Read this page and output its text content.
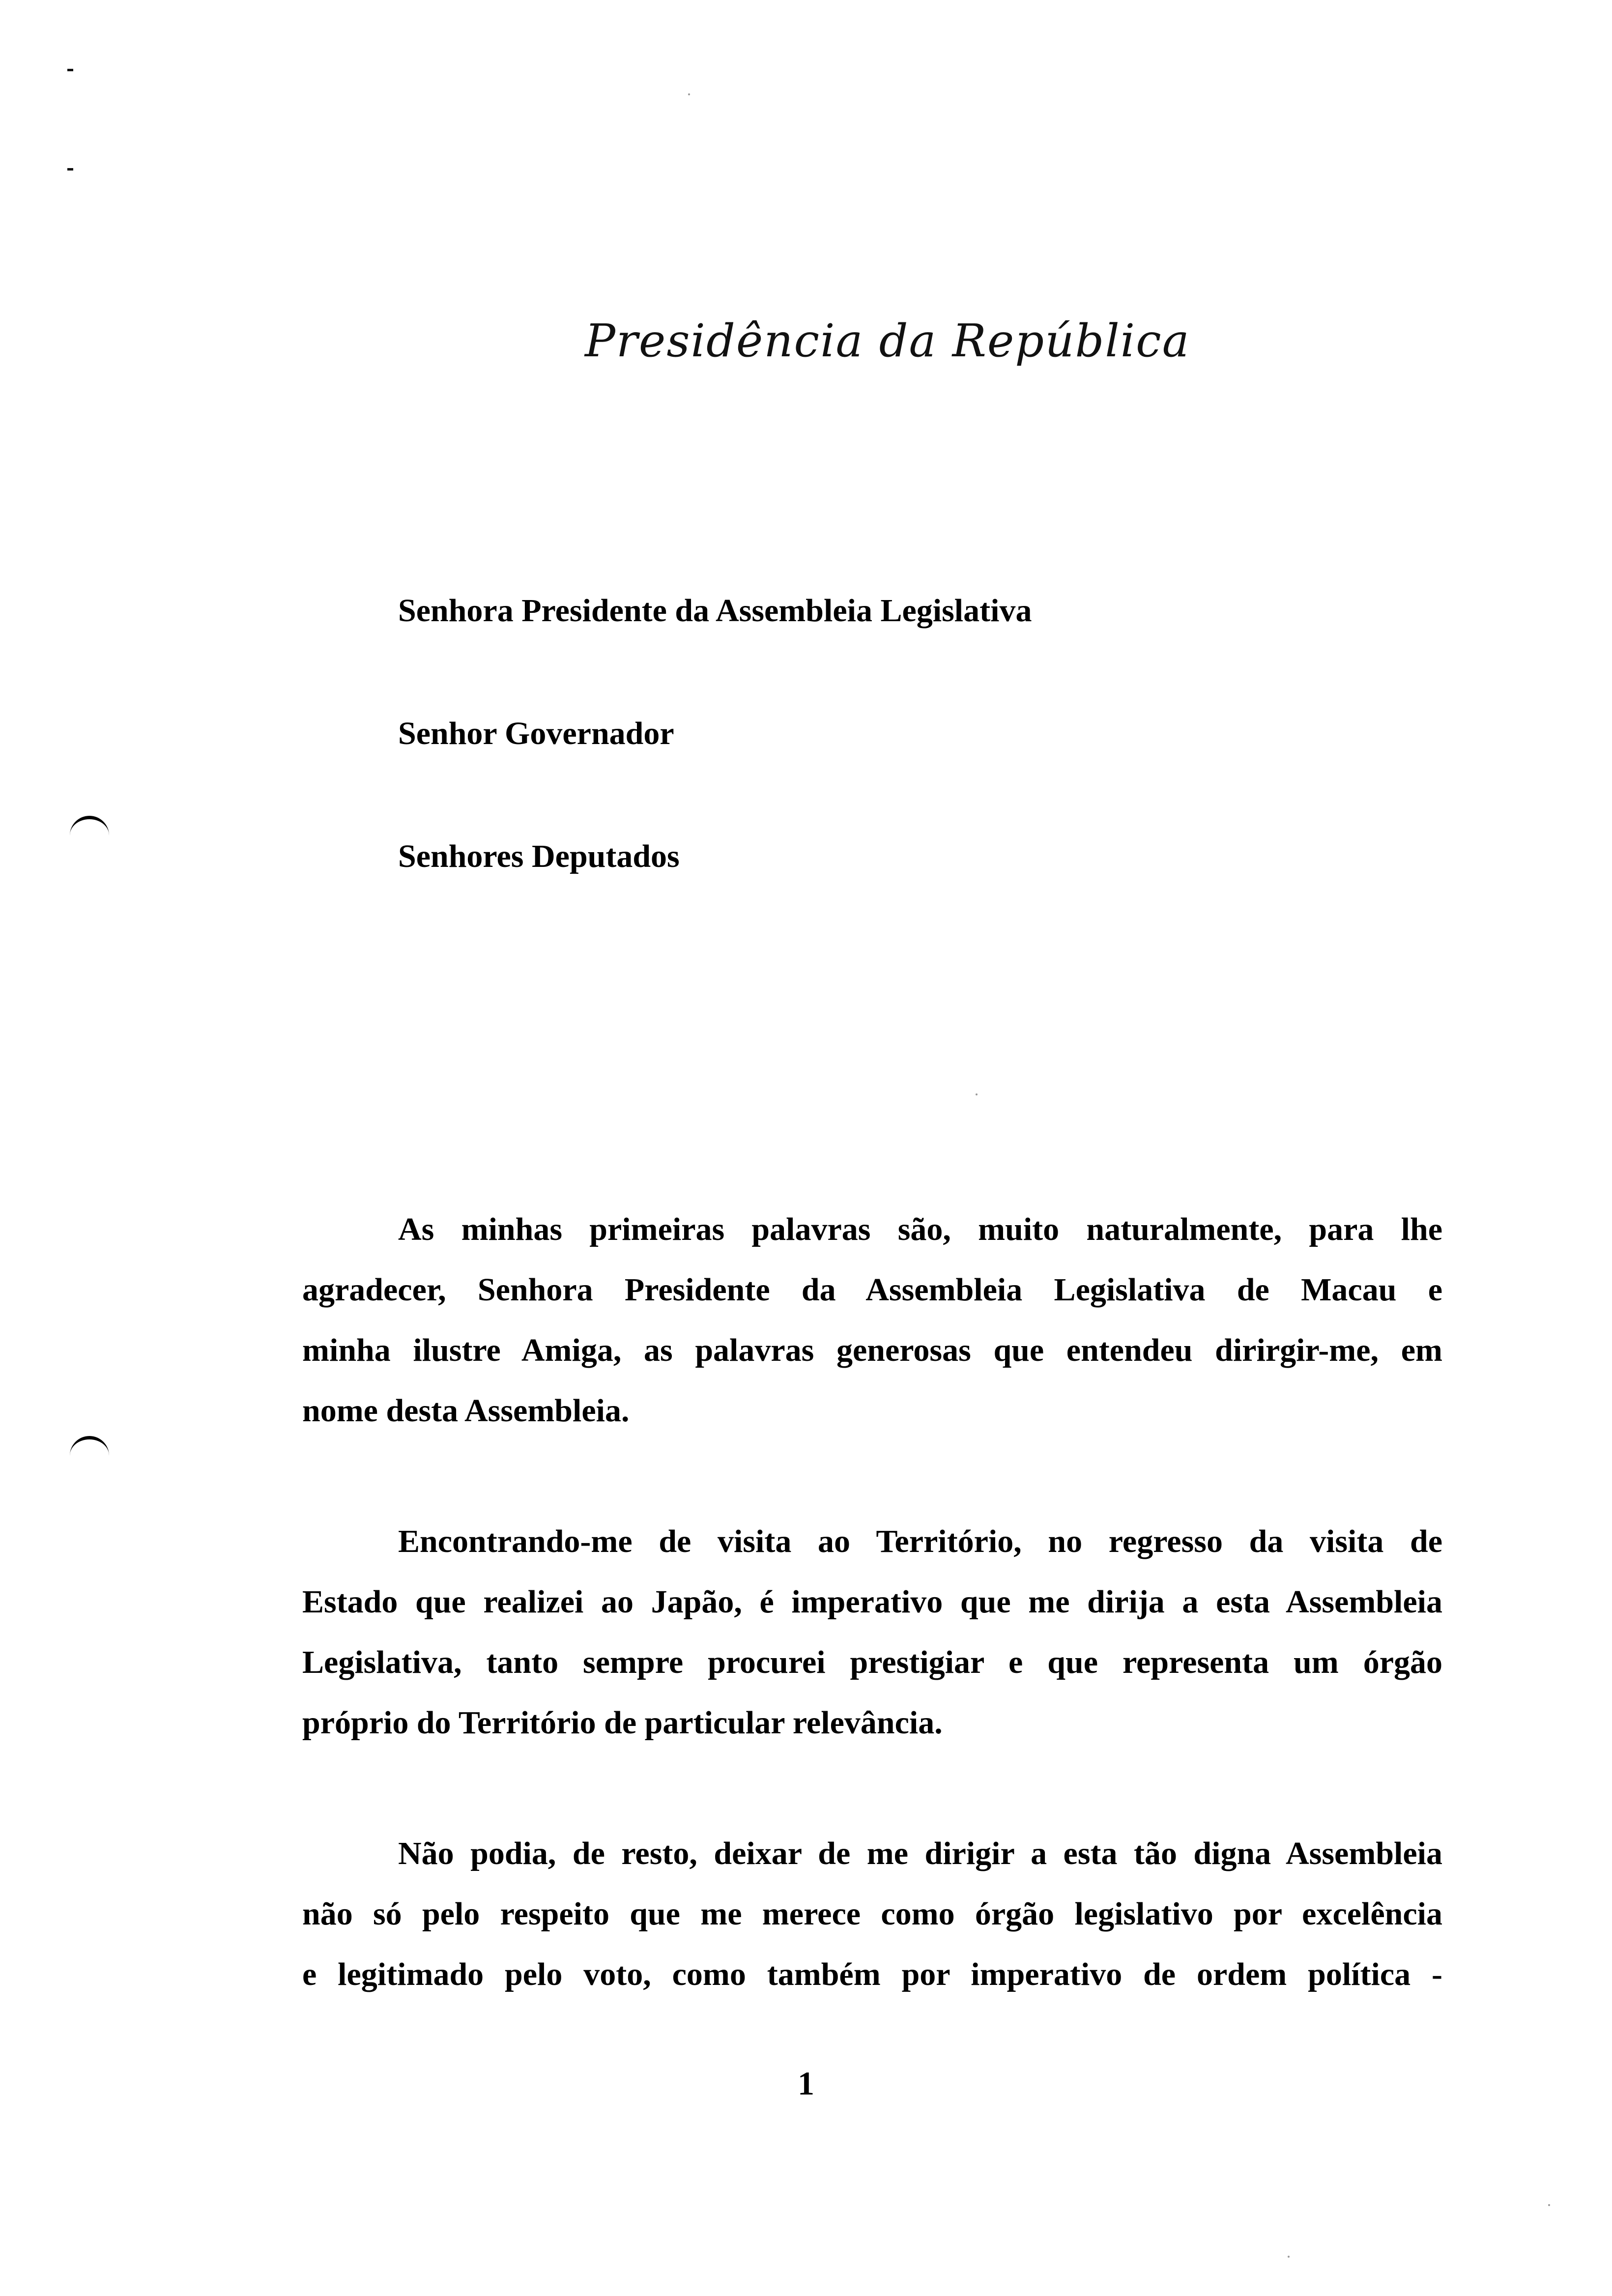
Presidência da República
Senhora Presidente da Assembleia Legislativa
Senhor Governador
Senhores Deputados
As minhas primeiras palavras são, muito naturalmente, para lhe
agradecer, Senhora Presidente da Assembleia Legislativa de Macau e
minha ilustre Amiga, as palavras generosas que entendeu dirirgir-me, em
nome desta Assembleia.
Encontrando-me de visita ao Território, no regresso da visita de
Estado que realizei ao Japão, é imperativo que me dirija a esta Assembleia
Legislativa, tanto sempre procurei prestigiar e que representa um órgão
próprio do Território de particular relevância.
Não podia, de resto, deixar de me dirigir a esta tão digna Assembleia
não só pelo respeito que me merece como órgão legislativo por excelência
e legitimado pelo voto, como também por imperativo de ordem política -
1
